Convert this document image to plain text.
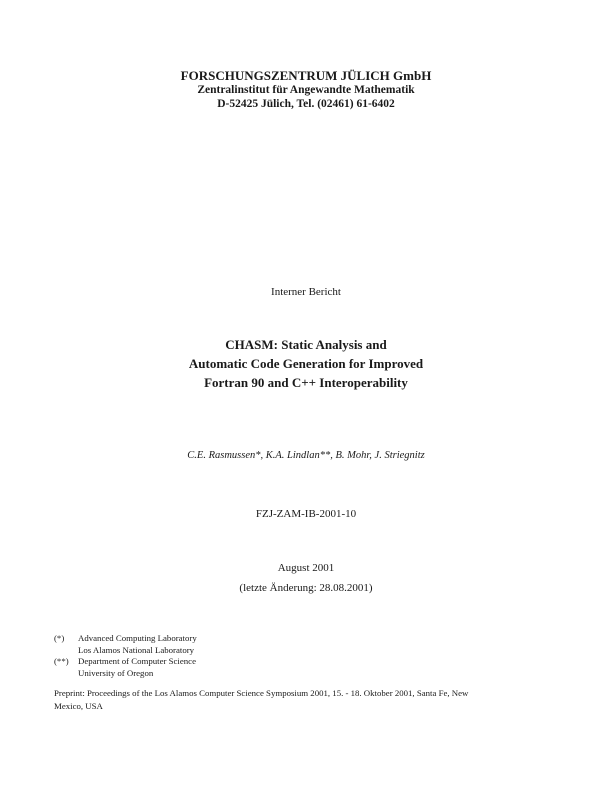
FORSCHUNGSZENTRUM JÜLICH GmbH
Zentralinstitut für Angewandte Mathematik
D-52425 Jülich, Tel. (02461) 61-6402
Interner Bericht
CHASM: Static Analysis and
Automatic Code Generation for Improved
Fortran 90 and C++ Interoperability
C.E. Rasmussen*, K.A. Lindlan**, B. Mohr, J. Striegnitz
FZJ-ZAM-IB-2001-10
August 2001
(letzte Änderung: 28.08.2001)
(*)	Advanced Computing Laboratory
Los Alamos National Laboratory
(**)	Department of Computer Science
University of Oregon
Preprint: Proceedings of the Los Alamos Computer Science Symposium 2001, 15. - 18. Oktober 2001, Santa Fe, New Mexico, USA
